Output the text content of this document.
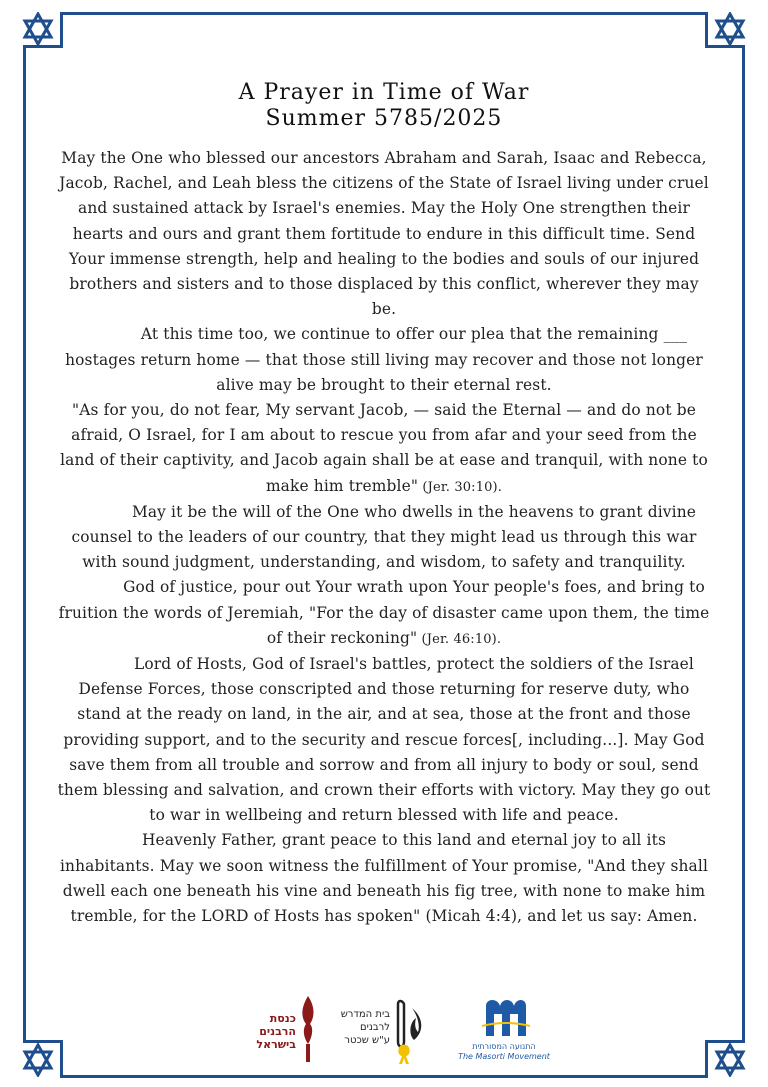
A Prayer in Time of War
Summer 5785/2025

May the One who blessed our ancestors Abraham and Sarah, Isaac and Rebecca, Jacob, Rachel, and Leah bless the citizens of the State of Israel living under cruel and sustained attack by Israel's enemies. May the Holy One strengthen their hearts and ours and grant them fortitude to endure in this difficult time. Send Your immense strength, help and healing to the bodies and souls of our injured brothers and sisters and to those displaced by this conflict, wherever they may be.

At this time too, we continue to offer our plea that the remaining ___ hostages return home — that those still living may recover and those not longer alive may be brought to their eternal rest.

"As for you, do not fear, My servant Jacob, — said the Eternal — and do not be afraid, O Israel, for I am about to rescue you from afar and your seed from the land of their captivity, and Jacob again shall be at ease and tranquil, with none to make him tremble" (Jer. 30:10).

May it be the will of the One who dwells in the heavens to grant divine counsel to the leaders of our country, that they might lead us through this war with sound judgment, understanding, and wisdom, to safety and tranquility.

God of justice, pour out Your wrath upon Your people's foes, and bring to fruition the words of Jeremiah, "For the day of disaster came upon them, the time of their reckoning" (Jer. 46:10).

Lord of Hosts, God of Israel's battles, protect the soldiers of the Israel Defense Forces, those conscripted and those returning for reserve duty, who stand at the ready on land, in the air, and at sea, those at the front and those providing support, and to the security and rescue forces[, including...]. May God save them from all trouble and sorrow and from all injury to body or soul, send them blessing and salvation, and crown their efforts with victory. May they go out to war in wellbeing and return blessed with life and peace.

Heavenly Father, grant peace to this land and eternal joy to all its inhabitants. May we soon witness the fulfillment of Your promise, "And they shall dwell each one beneath his vine and beneath his fig tree, with none to make him tremble, for the LORD of Hosts has spoken" (Micah 4:4), and let us say: Amen.

כנסת
הרבנים
בישראל
בית המדרש
לרבנים
ע"ש שכטר
התנועה המסורתית
The Masorti Movement
